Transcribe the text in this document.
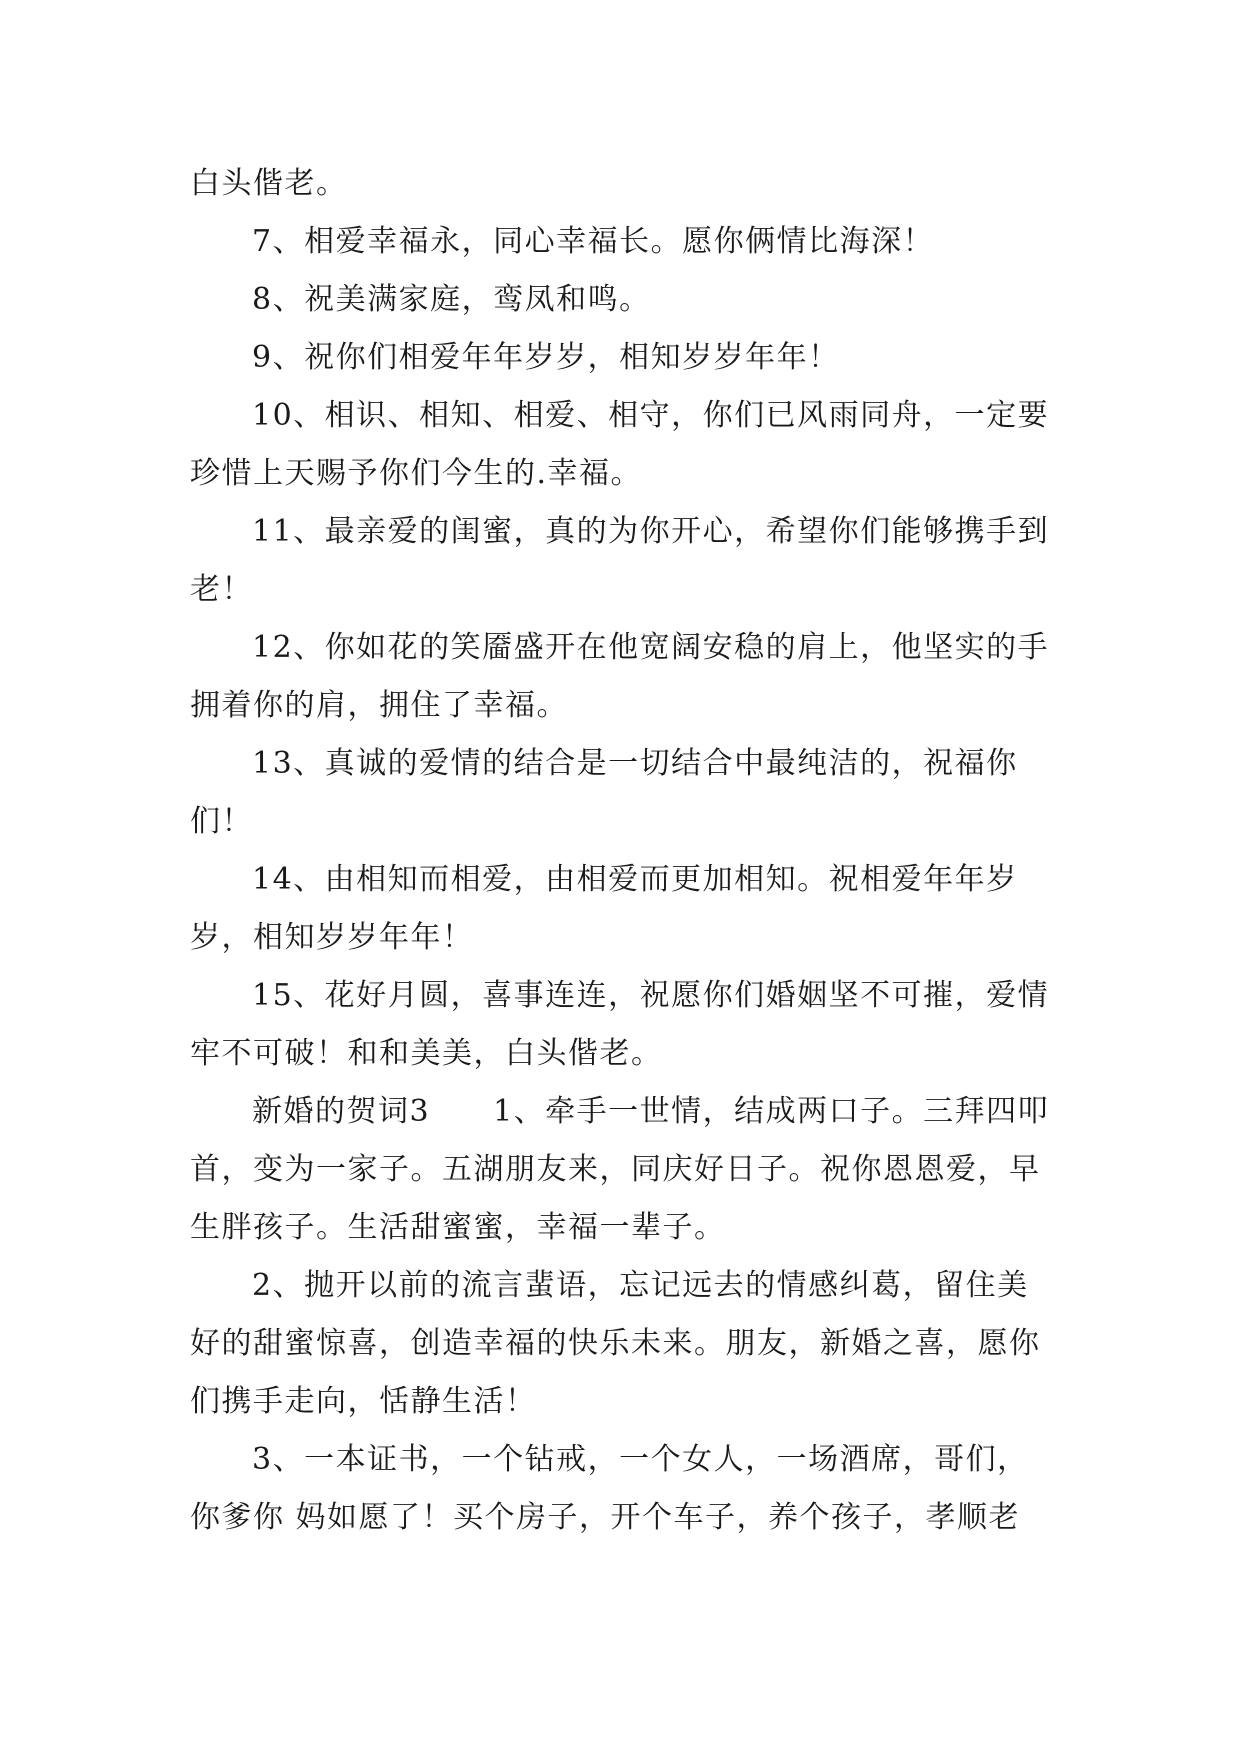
白头偕老。

7、相爱幸福永，同心幸福长。愿你俩情比海深！

8、祝美满家庭，鸾凤和鸣。

9、祝你们相爱年年岁岁，相知岁岁年年！

10、相识、相知、相爱、相守，你们已风雨同舟，一定要珍惜上天赐予你们今生的.幸福。

11、最亲爱的闺蜜，真的为你开心，希望你们能够携手到老！

12、你如花的笑靥盛开在他宽阔安稳的肩上，他坚实的手拥着你的肩，拥住了幸福。

13、真诚的爱情的结合是一切结合中最纯洁的，祝福你们！

14、由相知而相爱，由相爱而更加相知。祝相爱年年岁岁，相知岁岁年年！

15、花好月圆，喜事连连，祝愿你们婚姻坚不可摧，爱情牢不可破！和和美美，白头偕老。

新婚的贺词3　　1、牵手一世情，结成两口子。三拜四叩首，变为一家子。五湖朋友来，同庆好日子。祝你恩恩爱，早生胖孩子。生活甜蜜蜜，幸福一辈子。

2、抛开以前的流言蜚语，忘记远去的情感纠葛，留住美好的甜蜜惊喜，创造幸福的快乐未来。朋友，新婚之喜，愿你们携手走向，恬静生活！

3、一本证书，一个钻戒，一个女人，一场酒席，哥们，你爹你 妈如愿了！买个房子，开个车子，养个孩子，孝顺老
